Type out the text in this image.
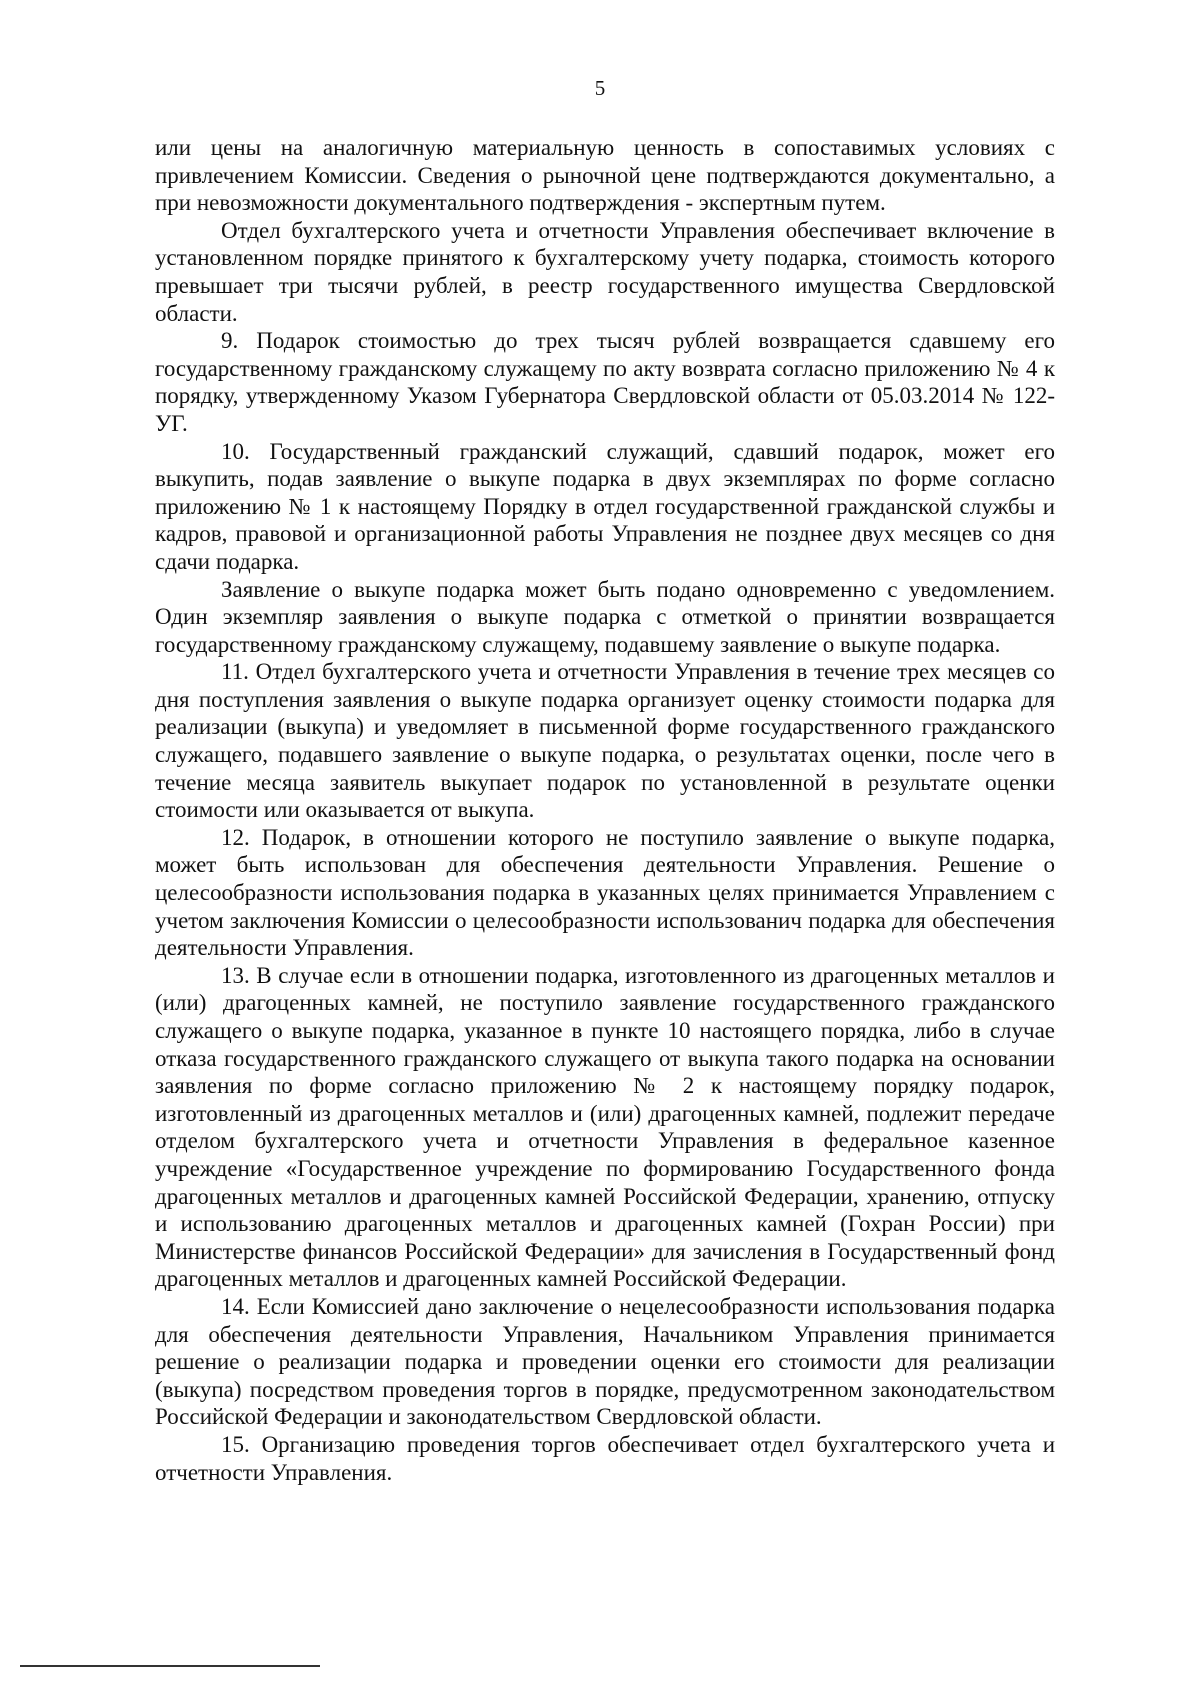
5

или цены на аналогичную материальную ценность в сопоставимых условиях с привлечением Комиссии. Сведения о рыночной цене подтверждаются документально, а при невозможности документального подтверждения - экспертным путем.

Отдел бухгалтерского учета и отчетности Управления обеспечивает включение в установленном порядке принятого к бухгалтерскому учету подарка, стоимость которого превышает три тысячи рублей, в реестр государственного имущества Свердловской области.

9. Подарок стоимостью до трех тысяч рублей возвращается сдавшему его государственному гражданскому служащему по акту возврата согласно приложению № 4 к порядку, утвержденному Указом Губернатора Свердловской области от 05.03.2014 № 122-УГ.

10. Государственный гражданский служащий, сдавший подарок, может его выкупить, подав заявление о выкупе подарка в двух экземплярах по форме согласно приложению № 1 к настоящему Порядку в отдел государственной гражданской службы и кадров, правовой и организационной работы Управления не позднее двух месяцев со дня сдачи подарка.

Заявление о выкупе подарка может быть подано одновременно с уведомлением. Один экземпляр заявления о выкупе подарка с отметкой о принятии возвращается государственному гражданскому служащему, подавшему заявление о выкупе подарка.

11. Отдел бухгалтерского учета и отчетности Управления в течение трех месяцев со дня поступления заявления о выкупе подарка организует оценку стоимости подарка для реализации (выкупа) и уведомляет в письменной форме государственного гражданского служащего, подавшего заявление о выкупе подарка, о результатах оценки, после чего в течение месяца заявитель выкупает подарок по установленной в результате оценки стоимости или оказывается от выкупа.

12. Подарок, в отношении которого не поступило заявление о выкупе подарка, может быть использован для обеспечения деятельности Управления. Решение о целесообразности использования подарка в указанных целях принимается Управлением с учетом заключения Комиссии о целесообразности использованич подарка для обеспечения деятельности Управления.

13. В случае если в отношении подарка, изготовленного из драгоценных металлов и (или) драгоценных камней, не поступило заявление государственного гражданского служащего о выкупе подарка, указанное в пункте 10 настоящего порядка, либо в случае отказа государственного гражданского служащего от выкупа такого подарка на основании заявления по форме согласно приложению № 2 к настоящему порядку подарок, изготовленный из драгоценных металлов и (или) драгоценных камней, подлежит передаче отделом бухгалтерского учета и отчетности Управления в федеральное казенное учреждение «Государственное учреждение по формированию Государственного фонда драгоценных металлов и драгоценных камней Российской Федерации, хранению, отпуску и использованию драгоценных металлов и драгоценных камней (Гохран России) при Министерстве финансов Российской Федерации» для зачисления в Государственный фонд драгоценных металлов и драгоценных камней Российской Федерации.

14. Если Комиссией дано заключение о нецелесообразности использования подарка для обеспечения деятельности Управления, Начальником Управления принимается решение о реализации подарка и проведении оценки его стоимости для реализации (выкупа) посредством проведения торгов в порядке, предусмотренном законодательством Российской Федерации и законодательством Свердловской области.

15. Организацию проведения торгов обеспечивает отдел бухгалтерского учета и отчетности Управления.
